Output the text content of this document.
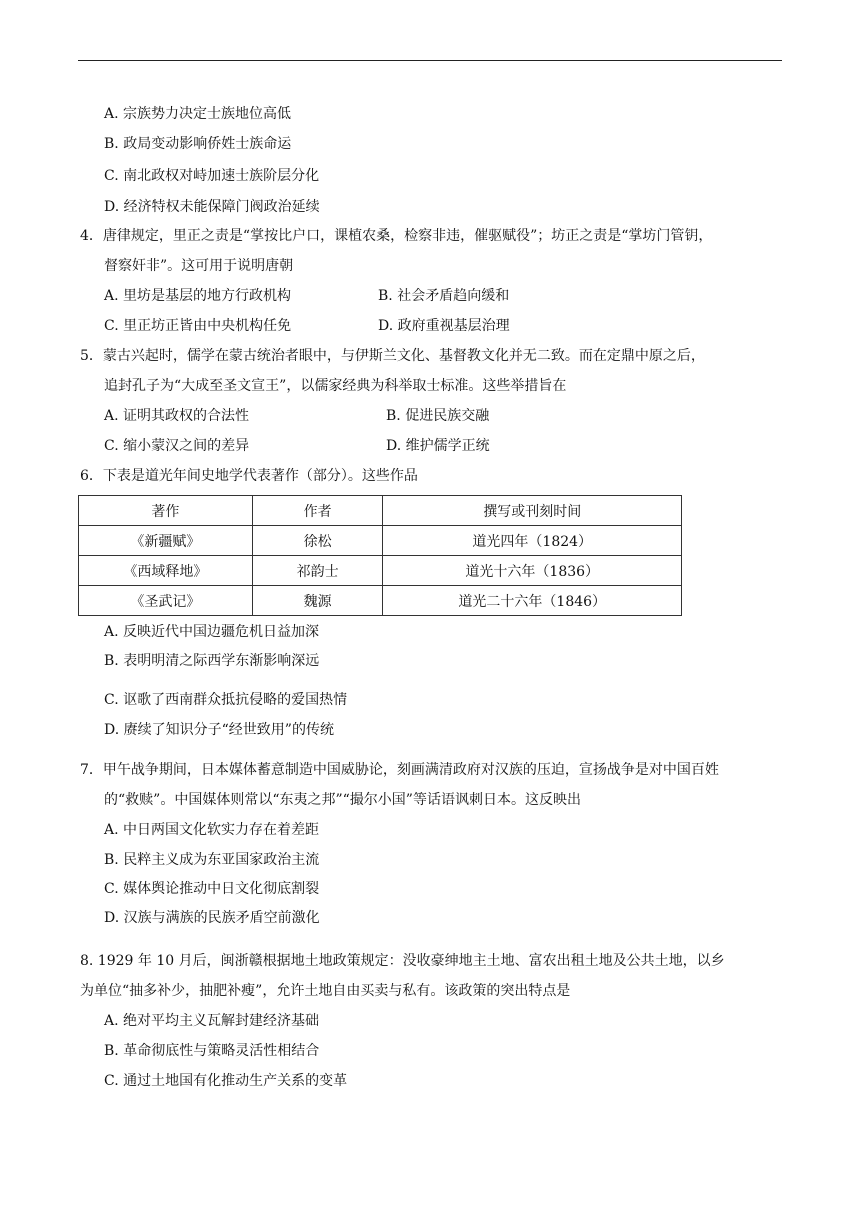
A. 宗族势力决定士族地位高低
B. 政局变动影响侨姓士族命运
C. 南北政权对峙加速士族阶层分化
D. 经济特权未能保障门阀政治延续
4．唐律规定，里正之责是“掌按比户口，课植农桑，检察非违，催驱赋役”；坊正之责是“掌坊门管钥，
督察奸非”。这可用于说明唐朝
A. 里坊是基层的地方行政机构	B. 社会矛盾趋向缓和
C. 里正坊正皆由中央机构任免	D. 政府重视基层治理
5．蒙古兴起时，儒学在蒙古统治者眼中，与伊斯兰文化、基督教文化并无二致。而在定鼎中原之后，
追封孔子为“大成至圣文宣王”，以儒家经典为科举取士标准。这些举措旨在
A. 证明其政权的合法性	B. 促进民族交融
C. 缩小蒙汉之间的差异	D. 维护儒学正统
6．下表是道光年间史地学代表著作（部分）。这些作品
著作	作者	撰写或刊刻时间
《新疆赋》	徐松	道光四年（1824）
《西域释地》	祁韵士	道光十六年（1836）
《圣武记》	魏源	道光二十六年（1846）
A. 反映近代中国边疆危机日益加深
B. 表明明清之际西学东渐影响深远
C. 讴歌了西南群众抵抗侵略的爱国热情
D. 赓续了知识分子“经世致用”的传统
7．甲午战争期间，日本媒体蓄意制造中国威胁论，刻画满清政府对汉族的压迫，宣扬战争是对中国百姓
的“救赎”。中国媒体则常以“东夷之邦”“撮尔小国”等话语讽刺日本。这反映出
A. 中日两国文化软实力存在着差距
B. 民粹主义成为东亚国家政治主流
C. 媒体舆论推动中日文化彻底割裂
D. 汉族与满族的民族矛盾空前激化
8. 1929 年 10 月后，闽浙赣根据地土地政策规定：没收豪绅地主土地、富农出租土地及公共土地，以乡
为单位“抽多补少，抽肥补瘦”，允许土地自由买卖与私有。该政策的突出特点是
A. 绝对平均主义瓦解封建经济基础
B. 革命彻底性与策略灵活性相结合
C. 通过土地国有化推动生产关系的变革
